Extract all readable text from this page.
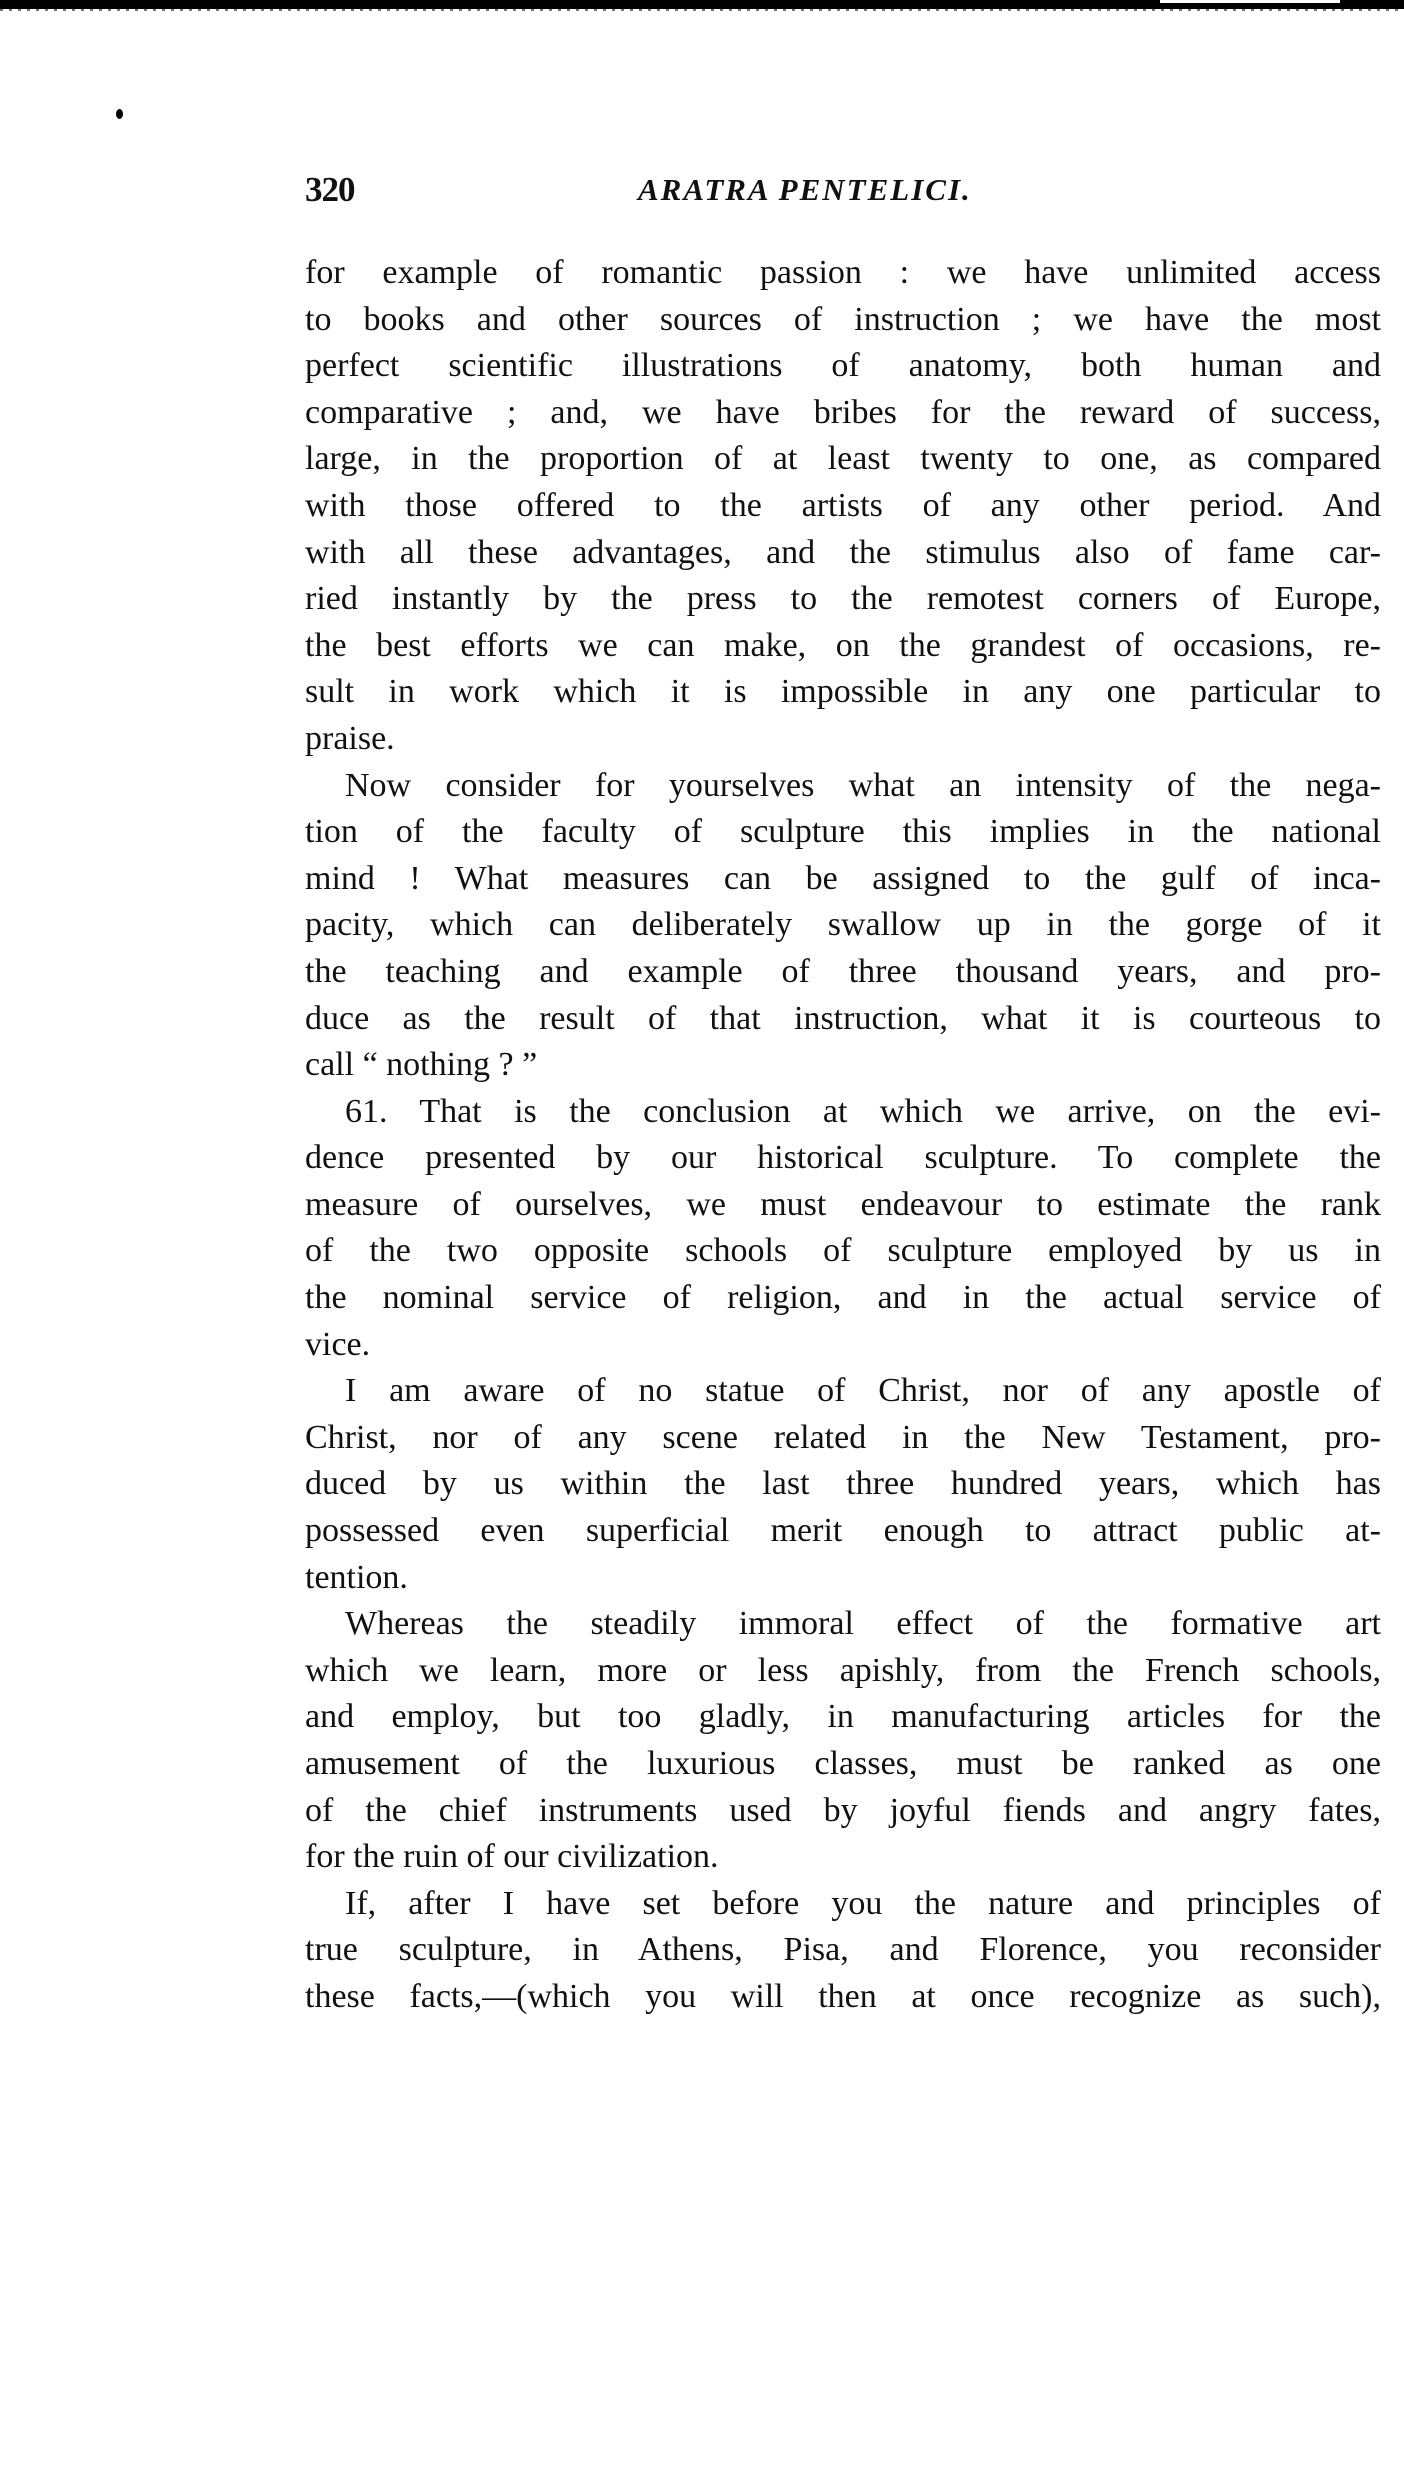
320	ARATRA PENTELICI.
for example of romantic passion : we have unlimited access
to books and other sources of instruction ; we have the most
perfect scientific illustrations of anatomy, both human and
comparative ; and, we have bribes for the reward of success,
large, in the proportion of at least twenty to one, as compared
with those offered to the artists of any other period. And
with all these advantages, and the stimulus also of fame car-
ried instantly by the press to the remotest corners of Europe,
the best efforts we can make, on the grandest of occasions, re-
sult in work which it is impossible in any one particular to
praise.
Now consider for yourselves what an intensity of the nega-
tion of the faculty of sculpture this implies in the national
mind ! What measures can be assigned to the gulf of inca-
pacity, which can deliberately swallow up in the gorge of it
the teaching and example of three thousand years, and pro-
duce as the result of that instruction, what it is courteous to
call “ nothing ? ”
61. That is the conclusion at which we arrive, on the evi-
dence presented by our historical sculpture. To complete the
measure of ourselves, we must endeavour to estimate the rank
of the two opposite schools of sculpture employed by us in
the nominal service of religion, and in the actual service of
vice.
I am aware of no statue of Christ, nor of any apostle of
Christ, nor of any scene related in the New Testament, pro-
duced by us within the last three hundred years, which has
possessed even superficial merit enough to attract public at-
tention.
Whereas the steadily immoral effect of the formative art
which we learn, more or less apishly, from the French schools,
and employ, but too gladly, in manufacturing articles for the
amusement of the luxurious classes, must be ranked as one
of the chief instruments used by joyful fiends and angry fates,
for the ruin of our civilization.
If, after I have set before you the nature and principles of
true sculpture, in Athens, Pisa, and Florence, you reconsider
these facts,—(which you will then at once recognize as such),
